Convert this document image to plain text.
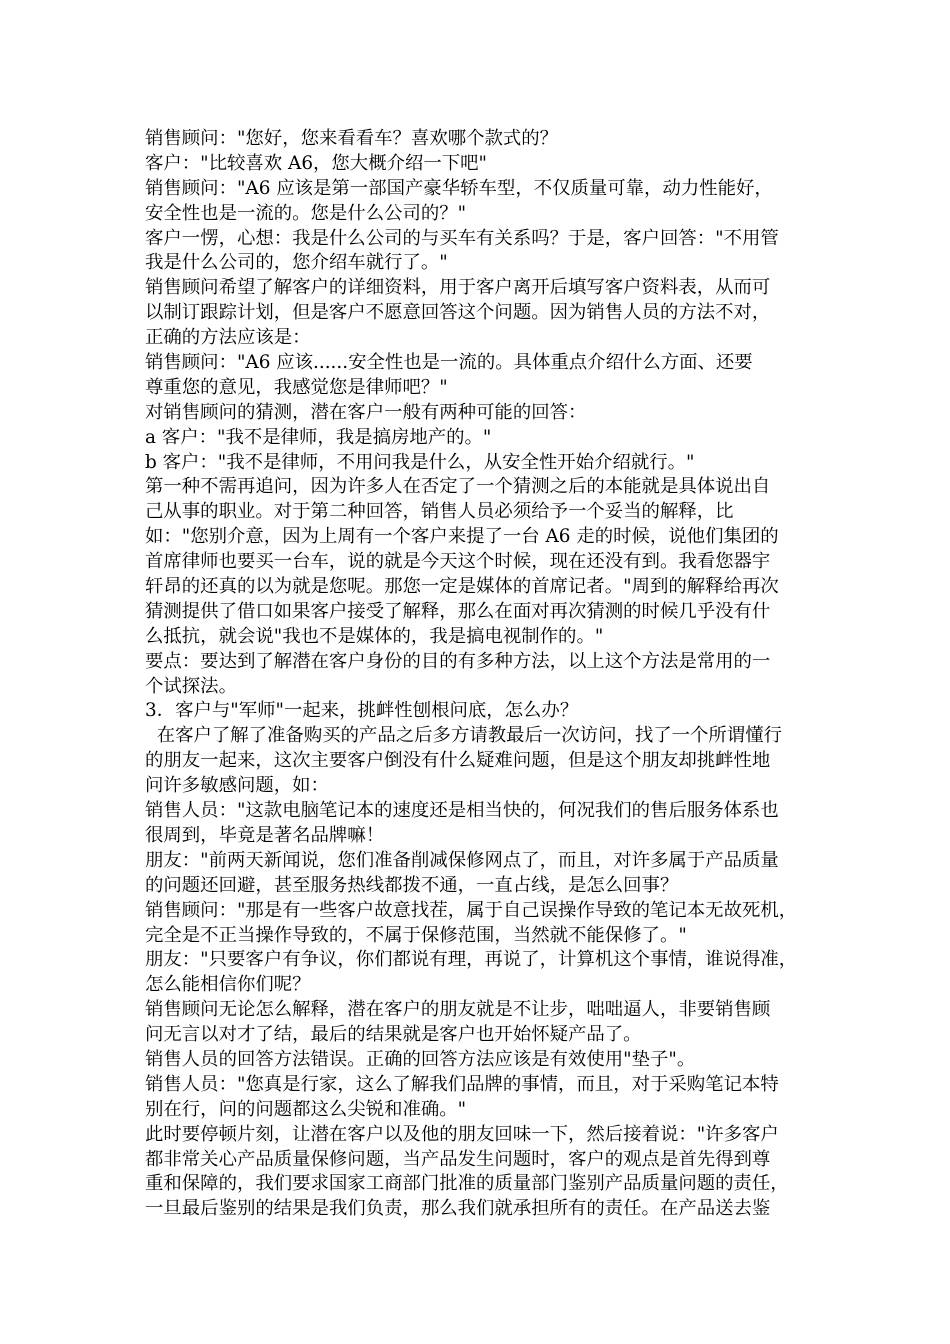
销售顾问："您好，您来看看车？喜欢哪个款式的？
客户："比较喜欢 A6，您大概介绍一下吧"
销售顾问："A6 应该是第一部国产豪华轿车型，不仅质量可靠，动力性能好，
安全性也是一流的。您是什么公司的？"
客户一愣，心想：我是什么公司的与买车有关系吗？于是，客户回答："不用管
我是什么公司的，您介绍车就行了。"
销售顾问希望了解客户的详细资料，用于客户离开后填写客户资料表，从而可
以制订跟踪计划，但是客户不愿意回答这个问题。因为销售人员的方法不对，
正确的方法应该是：
销售顾问："A6 应该......安全性也是一流的。具体重点介绍什么方面、还要
尊重您的意见，我感觉您是律师吧？"
对销售顾问的猜测，潜在客户一般有两种可能的回答：
a 客户："我不是律师，我是搞房地产的。"
b 客户："我不是律师，不用问我是什么，从安全性开始介绍就行。"
第一种不需再追问，因为许多人在否定了一个猜测之后的本能就是具体说出自
己从事的职业。对于第二种回答，销售人员必须给予一个妥当的解释，比
如："您别介意，因为上周有一个客户来提了一台 A6 走的时候，说他们集团的
首席律师也要买一台车，说的就是今天这个时候，现在还没有到。我看您器宇
轩昂的还真的以为就是您呢。那您一定是媒体的首席记者。"周到的解释给再次
猜测提供了借口如果客户接受了解释，那么在面对再次猜测的时候几乎没有什
么抵抗，就会说"我也不是媒体的，我是搞电视制作的。"
要点：要达到了解潜在客户身份的目的有多种方法，以上这个方法是常用的一
个试探法。
3．客户与"军师"一起来，挑衅性刨根问底，怎么办？
在客户了解了准备购买的产品之后多方请教最后一次访问，找了一个所谓懂行
的朋友一起来，这次主要客户倒没有什么疑难问题，但是这个朋友却挑衅性地
问许多敏感问题，如：
销售人员："这款电脑笔记本的速度还是相当快的，何况我们的售后服务体系也
很周到，毕竟是著名品牌嘛！
朋友："前两天新闻说，您们准备削减保修网点了，而且，对许多属于产品质量
的问题还回避，甚至服务热线都拨不通，一直占线，是怎么回事？
销售顾问："那是有一些客户故意找茬，属于自己误操作导致的笔记本无故死机，
完全是不正当操作导致的，不属于保修范围，当然就不能保修了。"
朋友："只要客户有争议，你们都说有理，再说了，计算机这个事情，谁说得准，
怎么能相信你们呢？
销售顾问无论怎么解释，潜在客户的朋友就是不让步，咄咄逼人，非要销售顾
问无言以对才了结，最后的结果就是客户也开始怀疑产品了。
销售人员的回答方法错误。正确的回答方法应该是有效使用"垫子"。
销售人员："您真是行家，这么了解我们品牌的事情，而且，对于采购笔记本特
别在行，问的问题都这么尖锐和准确。"
此时要停顿片刻，让潜在客户以及他的朋友回味一下，然后接着说："许多客户
都非常关心产品质量保修问题，当产品发生问题时，客户的观点是首先得到尊
重和保障的，我们要求国家工商部门批准的质量部门鉴别产品质量问题的责任，
一旦最后鉴别的结果是我们负责，那么我们就承担所有的责任。在产品送去鉴
